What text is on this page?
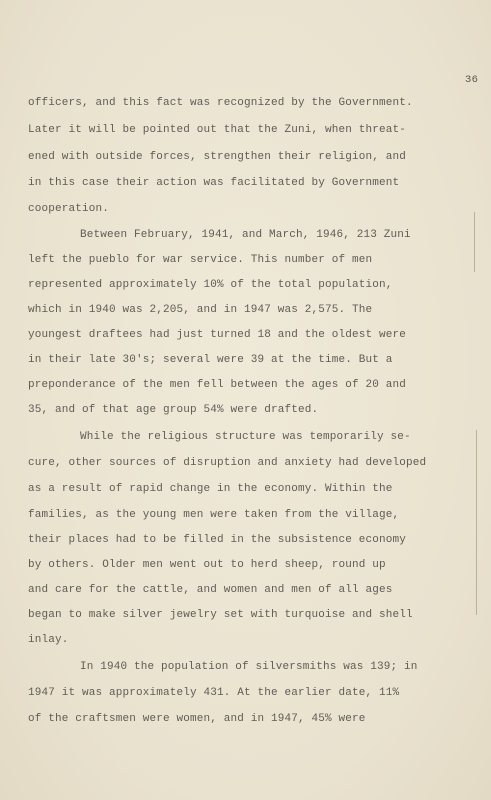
36
officers, and this fact was recognized by the Government.
Later it will be pointed out that the Zuni, when threat-
ened with outside forces, strengthen their religion, and
in this case their action was facilitated by Government
cooperation.
Between February, 1941, and March, 1946, 213 Zuni
left the pueblo for war service. This number of men
represented approximately 10% of the total population,
which in 1940 was 2,205, and in 1947 was 2,575. The
youngest draftees had just turned 18 and the oldest were
in their late 30's; several were 39 at the time. But a
preponderance of the men fell between the ages of 20 and
35, and of that age group 54% were drafted.
While the religious structure was temporarily se-
cure, other sources of disruption and anxiety had developed
as a result of rapid change in the economy. Within the
families, as the young men were taken from the village,
their places had to be filled in the subsistence economy
by others. Older men went out to herd sheep, round up
and care for the cattle, and women and men of all ages
began to make silver jewelry set with turquoise and shell
inlay.
In 1940 the population of silversmiths was 139; in
1947 it was approximately 431. At the earlier date, 11%
of the craftsmen were women, and in 1947, 45% were
